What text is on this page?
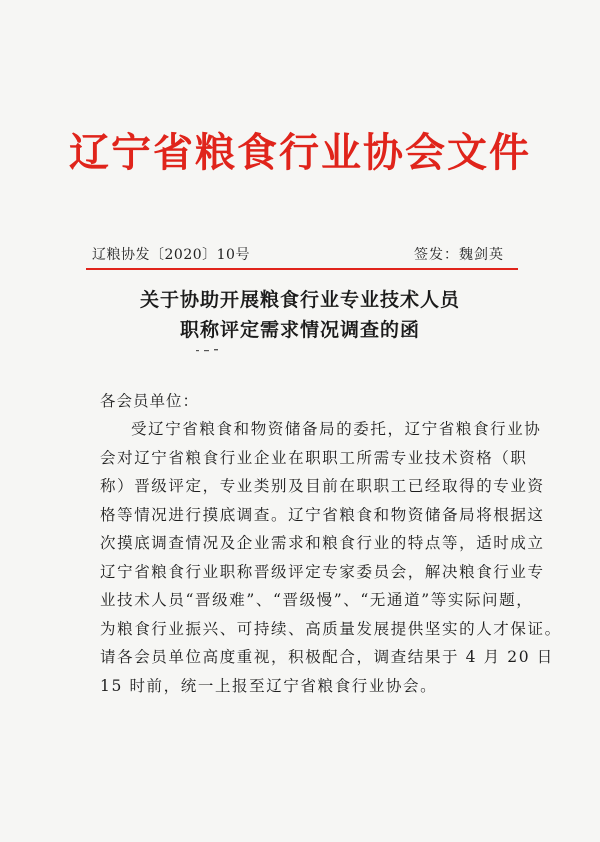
辽宁省粮食行业协会文件
辽粮协发〔2020〕10号	签发：魏剑英
关于协助开展粮食行业专业技术人员
职称评定需求情况调查的函
各会员单位：
受辽宁省粮食和物资储备局的委托，辽宁省粮食行业协
会对辽宁省粮食行业企业在职职工所需专业技术资格（职
称）晋级评定，专业类别及目前在职职工已经取得的专业资
格等情况进行摸底调查。辽宁省粮食和物资储备局将根据这
次摸底调查情况及企业需求和粮食行业的特点等，适时成立
辽宁省粮食行业职称晋级评定专家委员会，解决粮食行业专
业技术人员“晋级难”、“晋级慢”、“无通道”等实际问题，
为粮食行业振兴、可持续、高质量发展提供坚实的人才保证。
请各会员单位高度重视，积极配合，调查结果于 4 月 20 日
15 时前，统一上报至辽宁省粮食行业协会。
